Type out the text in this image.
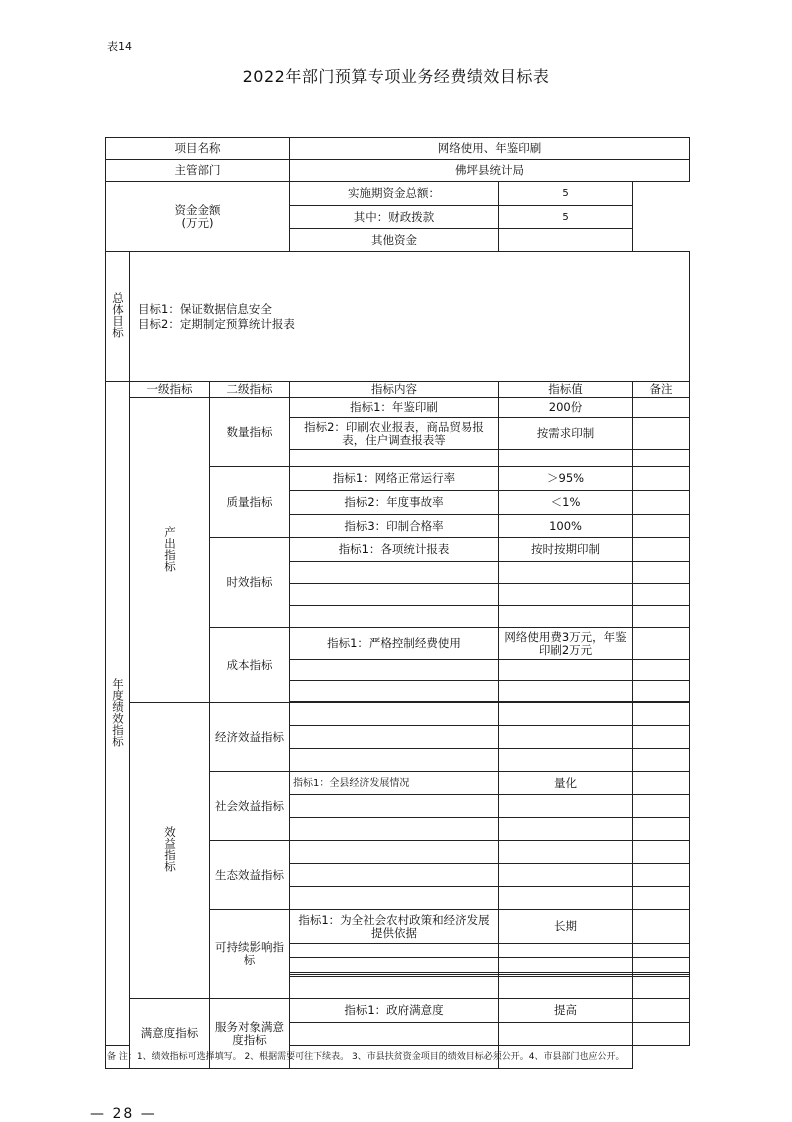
表14
2022年部门预算专项业务经费绩效目标表
项目名称			网络使用、年鉴印刷		
主管部门			佛坪县统计局		

资金金额
(万元)			实施期资金总额：	5	
			其中：财政拨款	5	
			其他资金		
总体目标	目标1：保证数据信息安全
目标2：定期制定预算统计报表				

年度绩效指标	一级指标	二级指标	指标内容	指标值	备注
	产出指标	数量指标	指标1：年鉴印刷	200份	
			指标2：印刷农业报表，商品贸易报表，住户调查报表等	按需求印制	

		质量指标	指标1：网络正常运行率	＞95%	
			指标2：年度事故率	＜1%	
			指标3：印制合格率	100%	
		时效指标	指标1：各项统计报表	按时按期印制	

		成本指标	指标1：严格控制经费使用	网络使用费3万元，年鉴 印刷2万元	

	效益指标	经济效益指标			

		社会效益指标	指标1：全县经济发展情况	量化	

		生态效益指标			

		可持续影响指标	指标1：为全社会农村政策和经济发展提供依据	长期	

	满意度指标	服务对象满意度指标	指标1：政府满意度	提高	

备 注：1、绩效指标可选择填写。 2、根据需要可往下续表。 3、市县扶贫资金项目的绩效目标必须公开。4、市县部门也应公开。
— 28 —
